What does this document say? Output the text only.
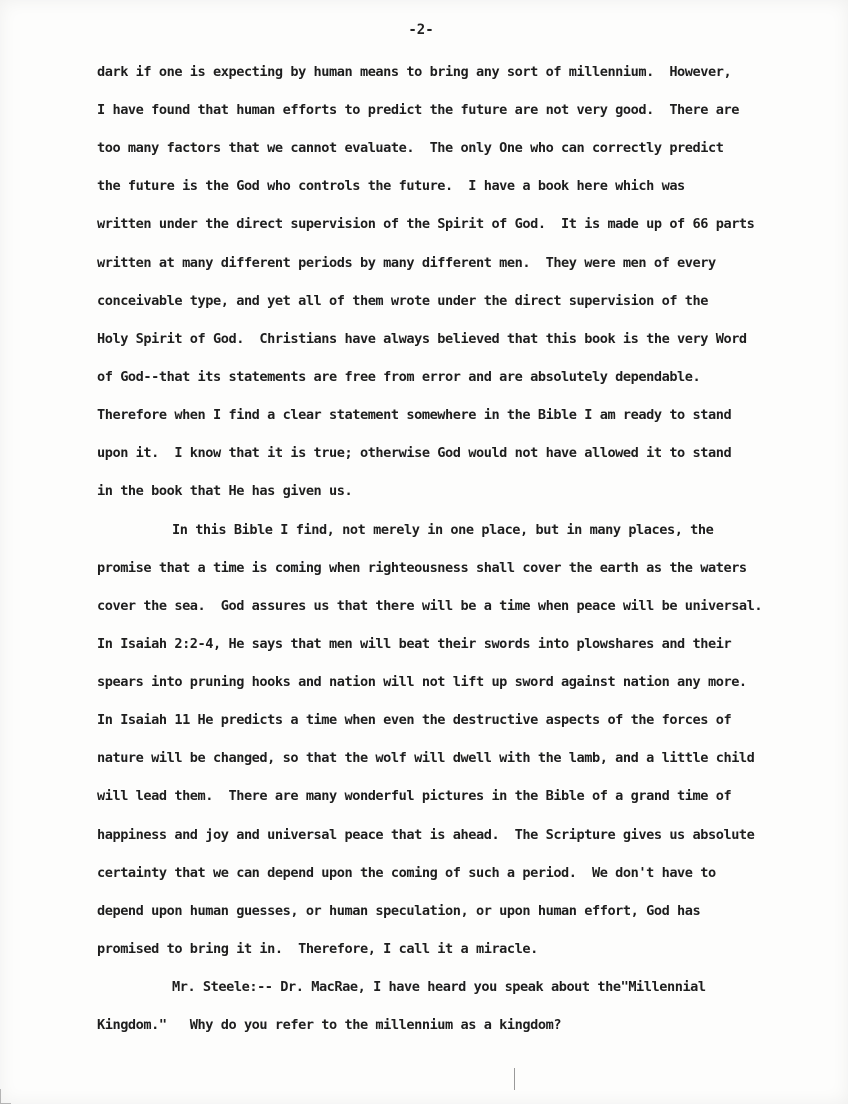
-2-
dark if one is expecting by human means to bring any sort of millennium.  However,
I have found that human efforts to predict the future are not very good.  There are
too many factors that we cannot evaluate.  The only One who can correctly predict
the future is the God who controls the future.  I have a book here which was
written under the direct supervision of the Spirit of God.  It is made up of 66 parts
written at many different periods by many different men.  They were men of every
conceivable type, and yet all of them wrote under the direct supervision of the
Holy Spirit of God.  Christians have always believed that this book is the very Word
of God--that its statements are free from error and are absolutely dependable.
Therefore when I find a clear statement somewhere in the Bible I am ready to stand
upon it.  I know that it is true; otherwise God would not have allowed it to stand
in the book that He has given us.
In this Bible I find, not merely in one place, but in many places, the
promise that a time is coming when righteousness shall cover the earth as the waters
cover the sea.  God assures us that there will be a time when peace will be universal.
In Isaiah 2:2-4, He says that men will beat their swords into plowshares and their
spears into pruning hooks and nation will not lift up sword against nation any more.
In Isaiah 11 He predicts a time when even the destructive aspects of the forces of
nature will be changed, so that the wolf will dwell with the lamb, and a little child
will lead them.  There are many wonderful pictures in the Bible of a grand time of
happiness and joy and universal peace that is ahead.  The Scripture gives us absolute
certainty that we can depend upon the coming of such a period.  We don't have to
depend upon human guesses, or human speculation, or upon human effort, God has
promised to bring it in.  Therefore, I call it a miracle.
Mr. Steele:-- Dr. MacRae, I have heard you speak about the"Millennial
Kingdom."   Why do you refer to the millennium as a kingdom?
